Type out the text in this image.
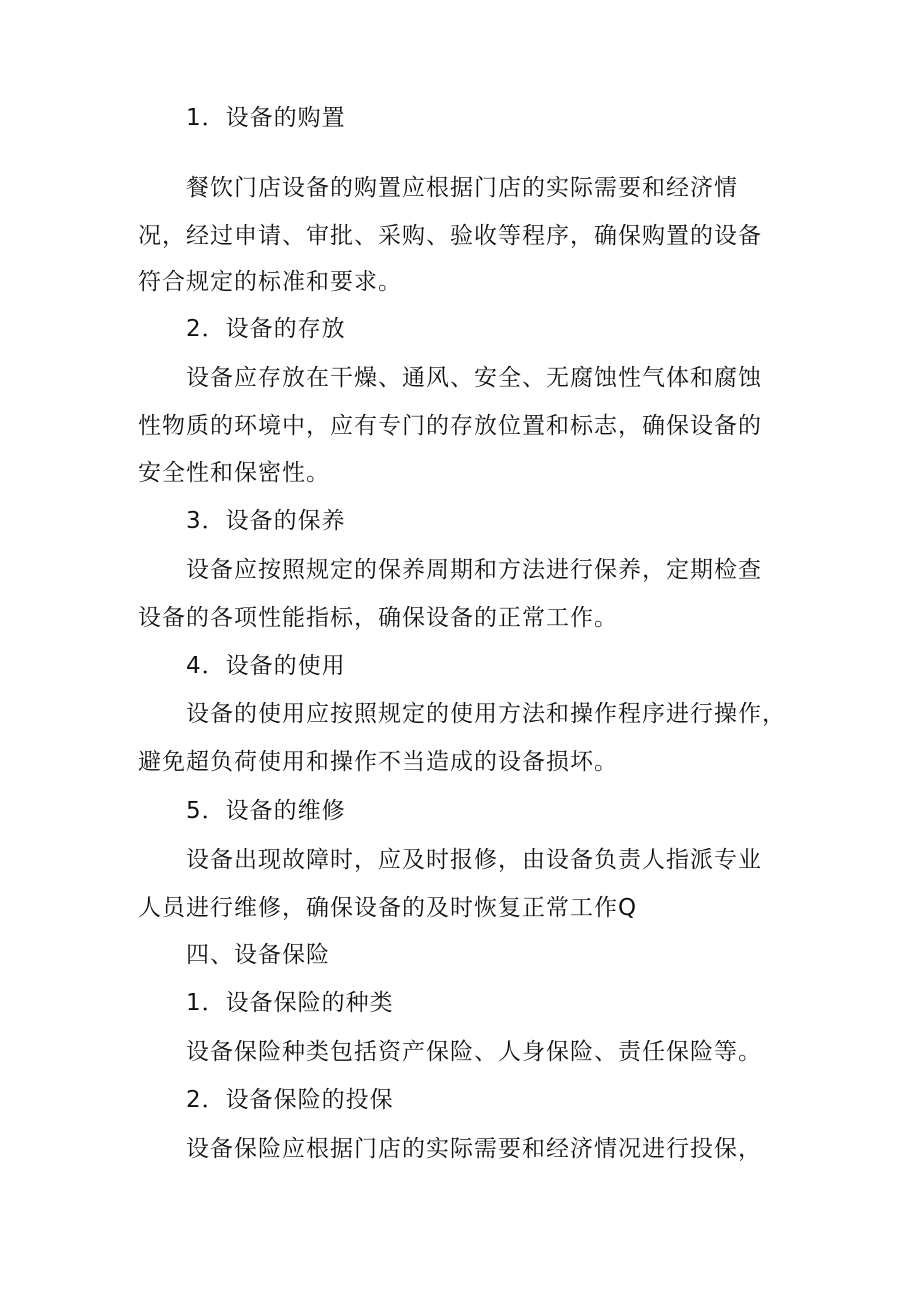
1．设备的购置

餐饮门店设备的购置应根据门店的实际需要和经济情

况，经过申请、审批、采购、验收等程序，确保购置的设备

符合规定的标准和要求。

2．设备的存放

设备应存放在干燥、通风、安全、无腐蚀性气体和腐蚀

性物质的环境中，应有专门的存放位置和标志，确保设备的

安全性和保密性。

3．设备的保养

设备应按照规定的保养周期和方法进行保养，定期检查

设备的各项性能指标，确保设备的正常工作。

4．设备的使用

设备的使用应按照规定的使用方法和操作程序进行操作，

避免超负荷使用和操作不当造成的设备损坏。

5．设备的维修

设备出现故障时，应及时报修，由设备负责人指派专业

人员进行维修，确保设备的及时恢复正常工作Q

四、设备保险

1．设备保险的种类

设备保险种类包括资产保险、人身保险、责任保险等。

2．设备保险的投保

设备保险应根据门店的实际需要和经济情况进行投保，
